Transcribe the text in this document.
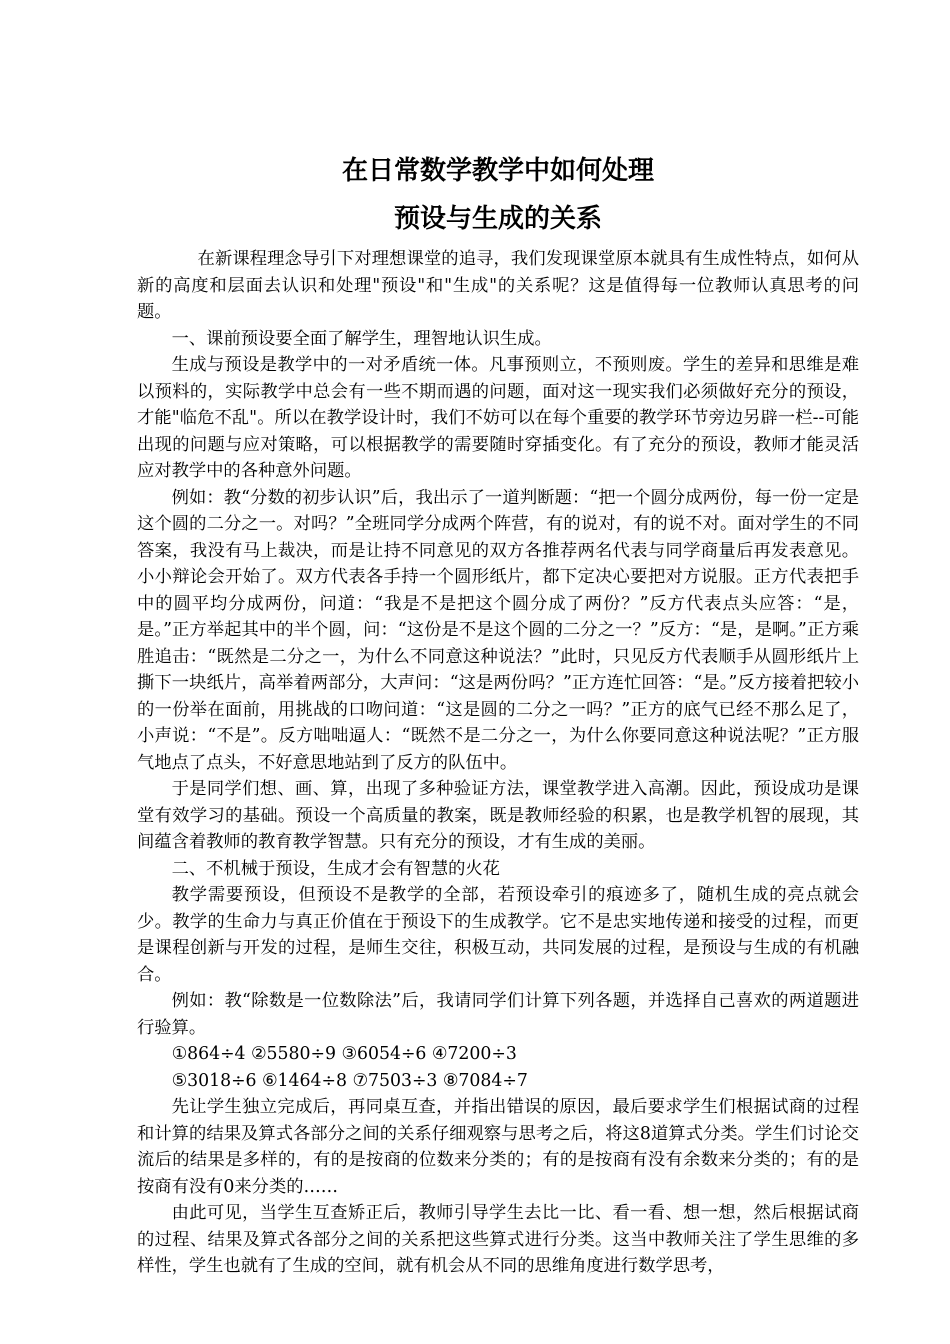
在日常数学教学中如何处理
预设与生成的关系

在新课程理念导引下对理想课堂的追寻，我们发现课堂原本就具有生成性特点，如何从新的高度和层面去认识和处理"预设"和"生成"的关系呢？这是值得每一位教师认真思考的问题。

一、课前预设要全面了解学生，理智地认识生成。

生成与预设是教学中的一对矛盾统一体。凡事预则立，不预则废。学生的差异和思维是难以预料的，实际教学中总会有一些不期而遇的问题，面对这一现实我们必须做好充分的预设，才能"临危不乱"。所以在教学设计时，我们不妨可以在每个重要的教学环节旁边另辟一栏--可能出现的问题与应对策略，可以根据教学的需要随时穿插变化。有了充分的预设，教师才能灵活应对教学中的各种意外问题。

例如：教“分数的初步认识”后，我出示了一道判断题：“把一个圆分成两份，每一份一定是这个圆的二分之一。对吗？”全班同学分成两个阵营，有的说对，有的说不对。面对学生的不同答案，我没有马上裁决，而是让持不同意见的双方各推荐两名代表与同学商量后再发表意见。小小辩论会开始了。双方代表各手持一个圆形纸片，都下定决心要把对方说服。正方代表把手中的圆平均分成两份，问道：“我是不是把这个圆分成了两份？”反方代表点头应答：“是，是。”正方举起其中的半个圆，问：“这份是不是这个圆的二分之一？”反方：“是，是啊。”正方乘胜追击：“既然是二分之一，为什么不同意这种说法？”此时，只见反方代表顺手从圆形纸片上撕下一块纸片，高举着两部分，大声问：“这是两份吗？”正方连忙回答：“是。”反方接着把较小的一份举在面前，用挑战的口吻问道：“这是圆的二分之一吗？”正方的底气已经不那么足了，小声说：“不是”。反方咄咄逼人：“既然不是二分之一，为什么你要同意这种说法呢？”正方服气地点了点头，不好意思地站到了反方的队伍中。

于是同学们想、画、算，出现了多种验证方法，课堂教学进入高潮。因此，预设成功是课堂有效学习的基础。预设一个高质量的教案，既是教师经验的积累，也是教学机智的展现，其间蕴含着教师的教育教学智慧。只有充分的预设，才有生成的美丽。

二、不机械于预设，生成才会有智慧的火花

教学需要预设，但预设不是教学的全部，若预设牵引的痕迹多了，随机生成的亮点就会少。教学的生命力与真正价值在于预设下的生成教学。它不是忠实地传递和接受的过程，而更是课程创新与开发的过程，是师生交往，积极互动，共同发展的过程，是预设与生成的有机融合。

例如：教“除数是一位数除法”后，我请同学们计算下列各题，并选择自己喜欢的两道题进行验算。

①864÷4 ②5580÷9 ③6054÷6 ④7200÷3

⑤3018÷6 ⑥1464÷8 ⑦7503÷3 ⑧7084÷7

先让学生独立完成后，再同桌互查，并指出错误的原因，最后要求学生们根据试商的过程和计算的结果及算式各部分之间的关系仔细观察与思考之后，将这8道算式分类。学生们讨论交流后的结果是多样的，有的是按商的位数来分类的；有的是按商有没有余数来分类的；有的是按商有没有0来分类的……

由此可见，当学生互查矫正后，教师引导学生去比一比、看一看、想一想，然后根据试商的过程、结果及算式各部分之间的关系把这些算式进行分类。这当中教师关注了学生思维的多样性，学生也就有了生成的空间，就有机会从不同的思维角度进行数学思考，
